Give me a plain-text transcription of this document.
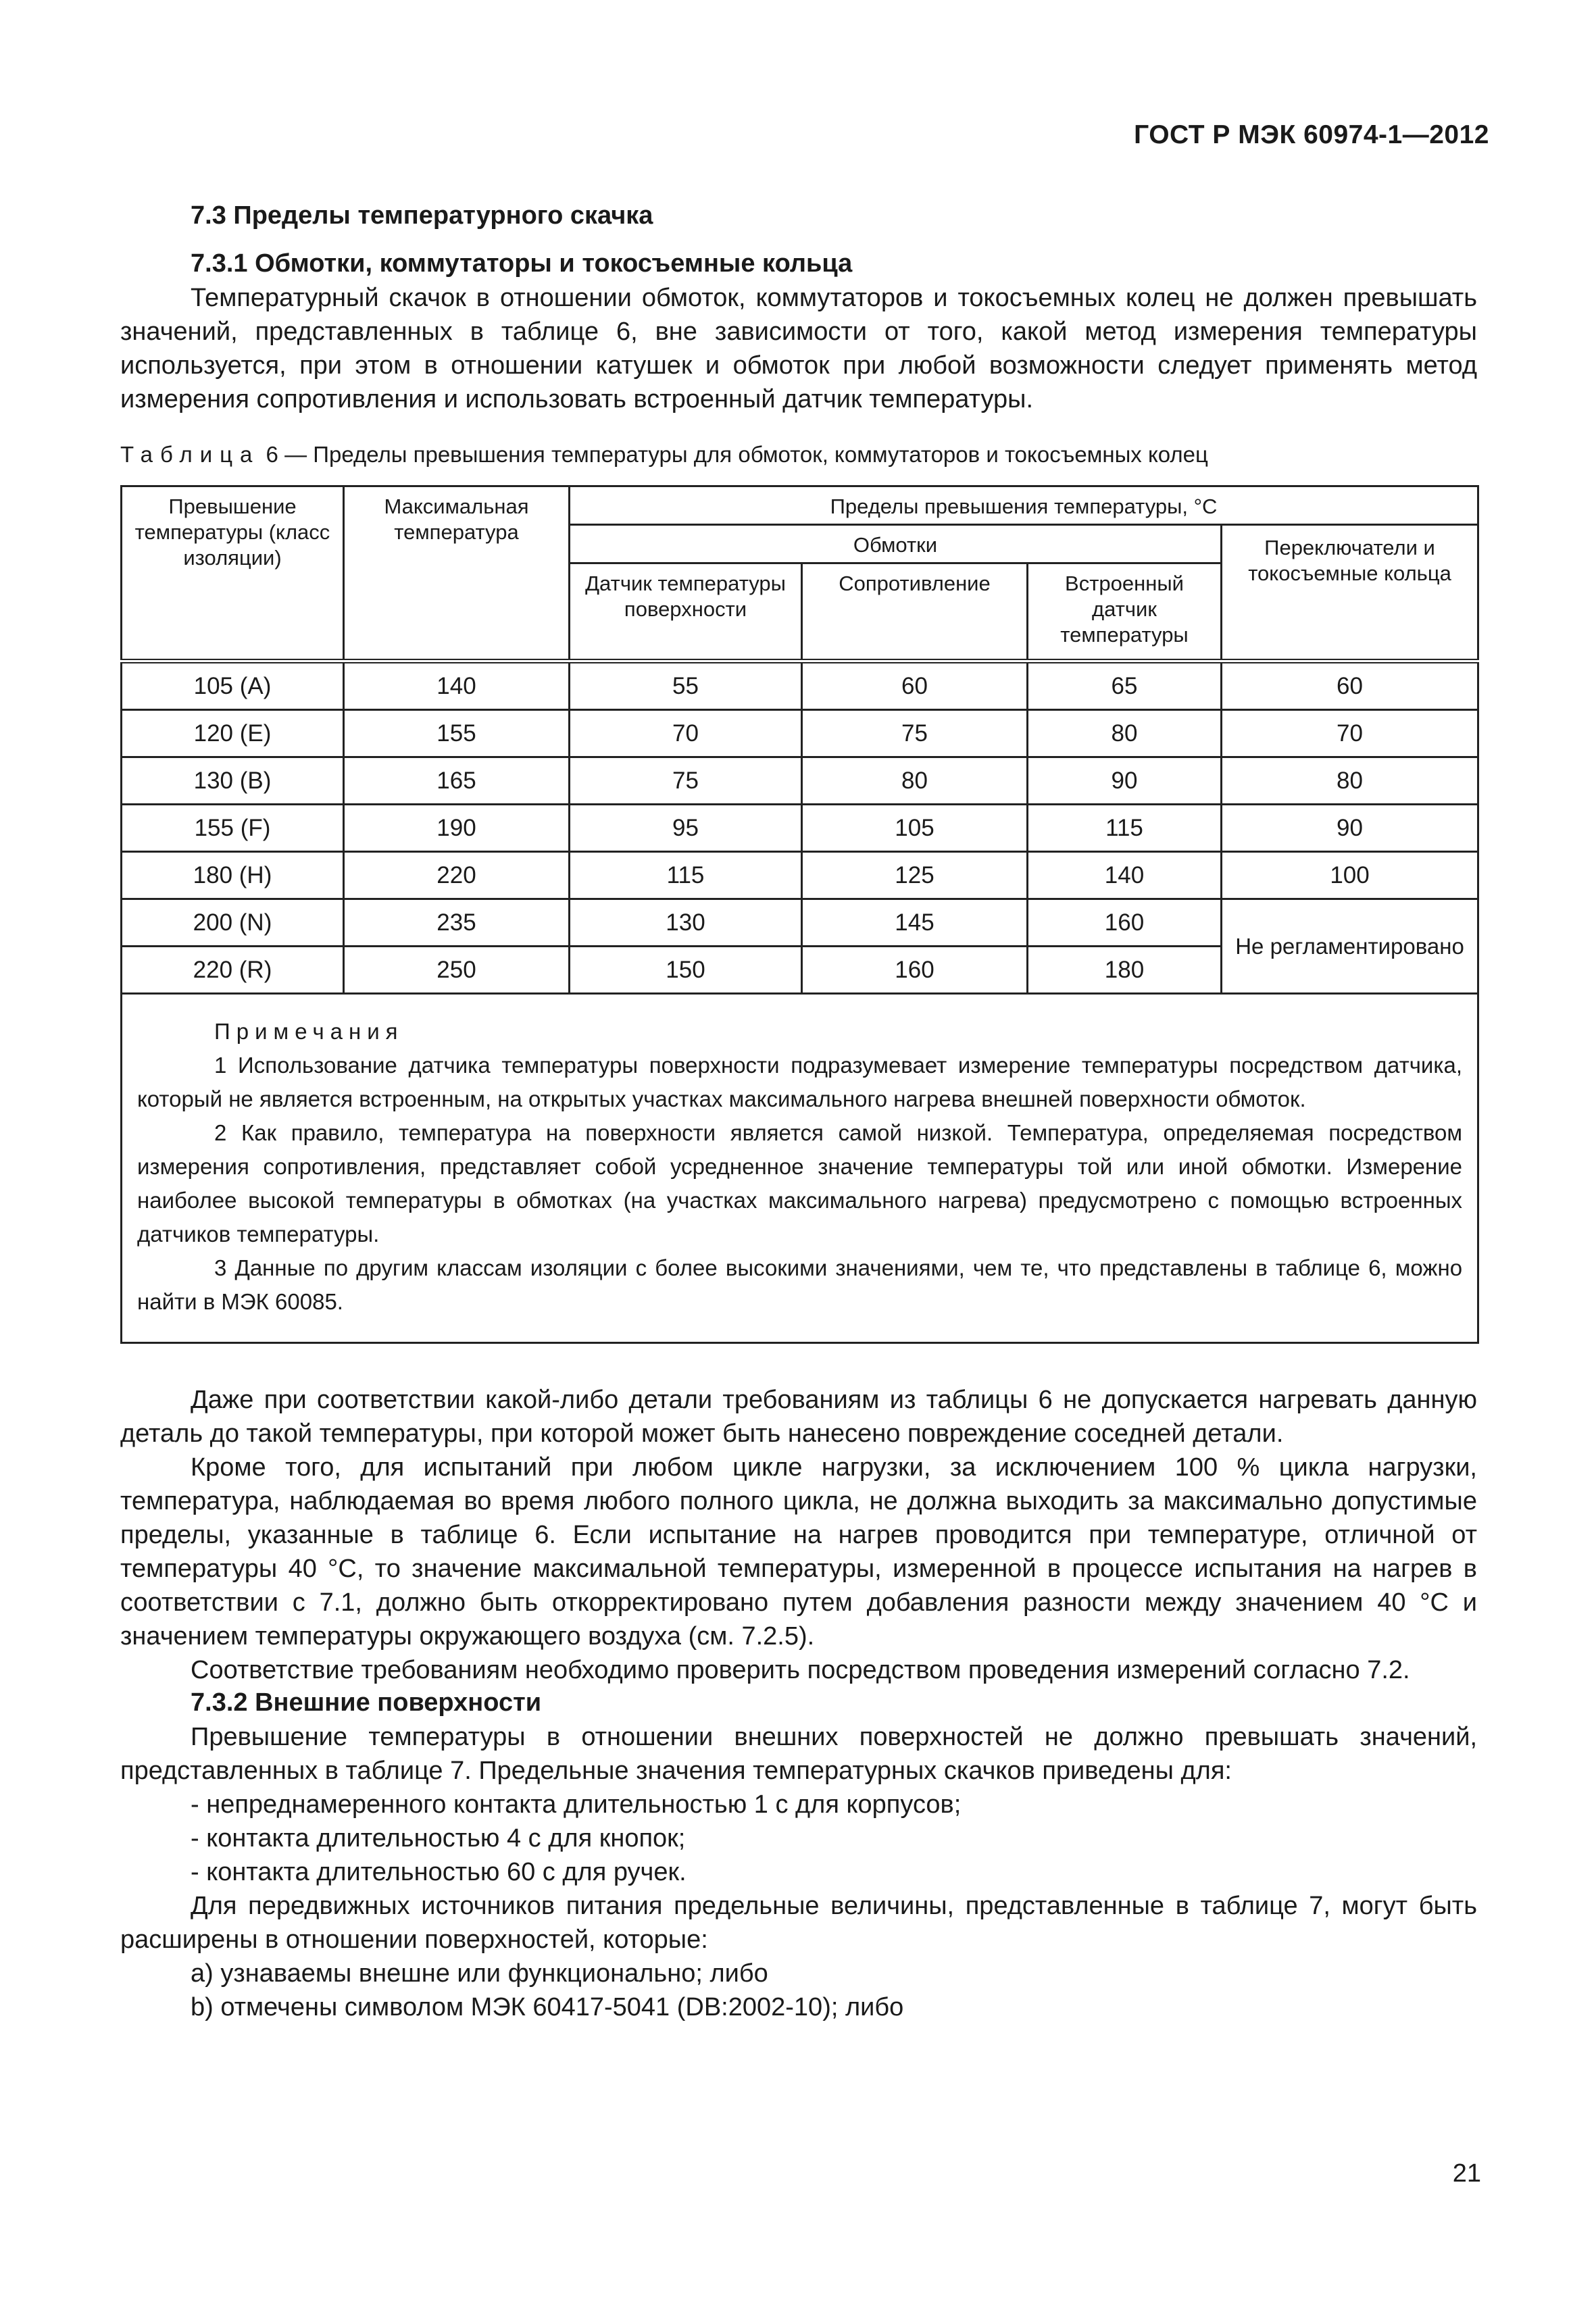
ГОСТ Р МЭК 60974-1—2012
7.3 Пределы температурного скачка
7.3.1 Обмотки, коммутаторы и токосъемные кольца

Температурный скачок в отношении обмоток, коммутаторов и токосъемных колец не должен превышать значений, представленных в таблице 6, вне зависимости от того, какой метод измерения температуры используется, при этом в отношении катушек и обмоток при любой возможности следует применять метод измерения сопротивления и использовать встроенный датчик температуры.

Таблица 6 — Пределы превышения температуры для обмоток, коммутаторов и токосъемных колец
Превышение температуры (класс изоляции)	Максимальная температура	Пределы превышения температуры, °С			
		Обмотки			Переключатели и токосъемные кольца
		Датчик температуры поверхности	Сопротивление	Встроенный датчик температуры	
105 (A)	140	55	60	65	60
120 (E)	155	70	75	80	70
130 (B)	165	75	80	90	80
155 (F)	190	95	105	115	90
180 (H)	220	115	125	140	100
200 (N)	235	130	145	160	Не регламентировано
220 (R)	250	150	160	180	

Примечания

1 Использование датчика температуры поверхности подразумевает измерение температуры посредством датчика, который не является встроенным, на открытых участках максимального нагрева внешней поверхности обмоток.

2 Как правило, температура на поверхности является самой низкой. Температура, определяемая посредством измерения сопротивления, представляет собой усредненное значение температуры той или иной обмотки. Измерение наиболее высокой температуры в обмотках (на участках максимального нагрева) предусмотрено с помощью встроенных датчиков температуры.

3 Данные по другим классам изоляции с более высокими значениями, чем те, что представлены в таблице 6, можно найти в МЭК 60085.					

Даже при соответствии какой-либо детали требованиям из таблицы 6 не допускается нагревать данную деталь до такой температуры, при которой может быть нанесено повреждение соседней детали.

Кроме того, для испытаний при любом цикле нагрузки, за исключением 100 % цикла нагрузки, температура, наблюдаемая во время любого полного цикла, не должна выходить за максимально допустимые пределы, указанные в таблице 6. Если испытание на нагрев проводится при температуре, отличной от температуры 40 °С, то значение максимальной температуры, измеренной в процессе испытания на нагрев в соответствии с 7.1, должно быть откорректировано путем добавления разности между значением 40 °С и значением температуры окружающего воздуха (см. 7.2.5).

Соответствие требованиям необходимо проверить посредством проведения измерений согласно 7.2.

7.3.2 Внешние поверхности

Превышение температуры в отношении внешних поверхностей не должно превышать значений, представленных в таблице 7. Предельные значения температурных скачков приведены для:

- непреднамеренного контакта длительностью 1 с для корпусов;
- контакта длительностью 4 с для кнопок;
- контакта длительностью 60 с для ручек.

Для передвижных источников питания предельные величины, представленные в таблице 7, могут быть расширены в отношении поверхностей, которые:

a) узнаваемы внешне или функционально; либо
b) отмечены символом МЭК 60417-5041 (DB:2002-10); либо
21
